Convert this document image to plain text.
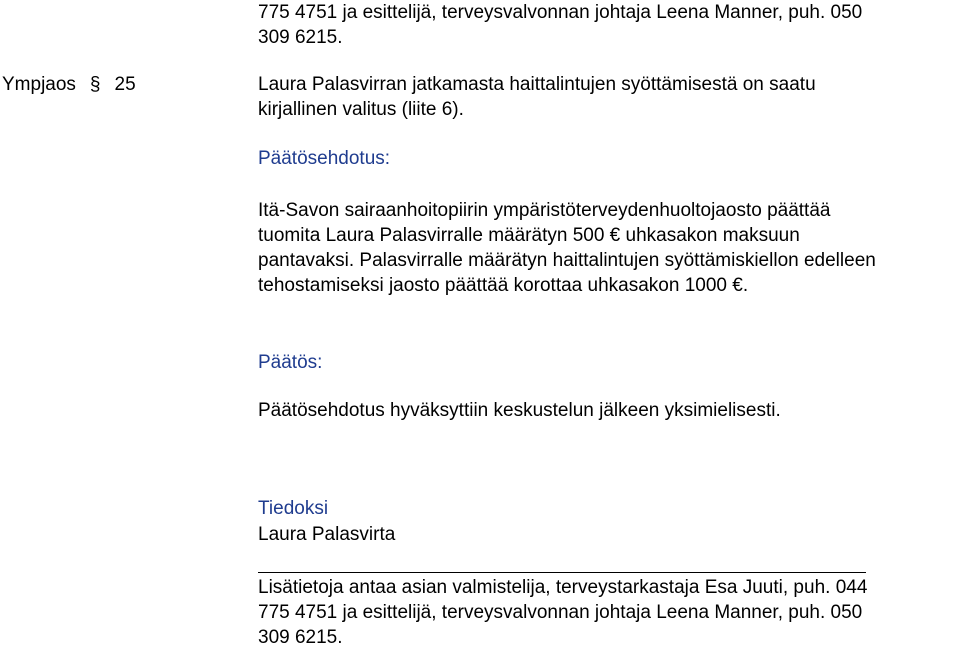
775 4751 ja esittelijä, terveysvalvonnan johtaja Leena Manner, puh. 050
309 6215.
Ympjaos § 25	Laura Palasvirran jatkamasta haittalintujen syöttämisestä on saatu
kirjallinen valitus (liite 6).
Päätösehdotus:
Itä-Savon sairaanhoitopiirin ympäristöterveydenhuoltojaosto päättää
tuomita Laura Palasvirralle määrätyn 500 € uhkasakon maksuun
pantavaksi. Palasvirralle määrätyn haittalintujen syöttämiskiellon edelleen
tehostamiseksi jaosto päättää korottaa uhkasakon 1000 €.
Päätös:
Päätösehdotus hyväksyttiin keskustelun jälkeen yksimielisesti.
Tiedoksi
Laura Palasvirta
Lisätietoja antaa asian valmistelija, terveystarkastaja Esa Juuti, puh. 044
775 4751 ja esittelijä, terveysvalvonnan johtaja Leena Manner, puh. 050
309 6215.
